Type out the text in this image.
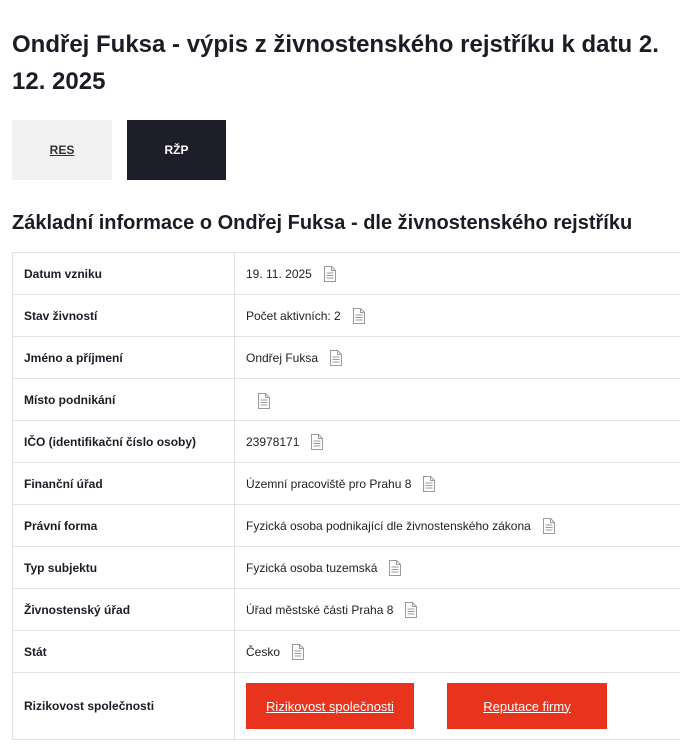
Ondřej Fuksa - výpis z živnostenského rejstříku k datu 2. 12. 2025
RES	RŽP
Základní informace o Ondřej Fuksa - dle živnostenského rejstříku
Datum vzniku	19. 11. 2025

Stav živností	Počet aktivních: 2

Jméno a příjmení	Ondřej Fuksa

Místo podnikání	

IČO (identifikační číslo osoby)	23978171

Finanční úřad	Územní pracoviště pro Prahu 8

Právní forma	Fyzická osoba podnikající dle živnostenského zákona

Typ subjektu	Fyzická osoba tuzemská

Živnostenský úřad	Úřad městské části Praha 8

Stát	Česko

Rizikovost společnosti	Rizikovost společnosti Reputace firmy
